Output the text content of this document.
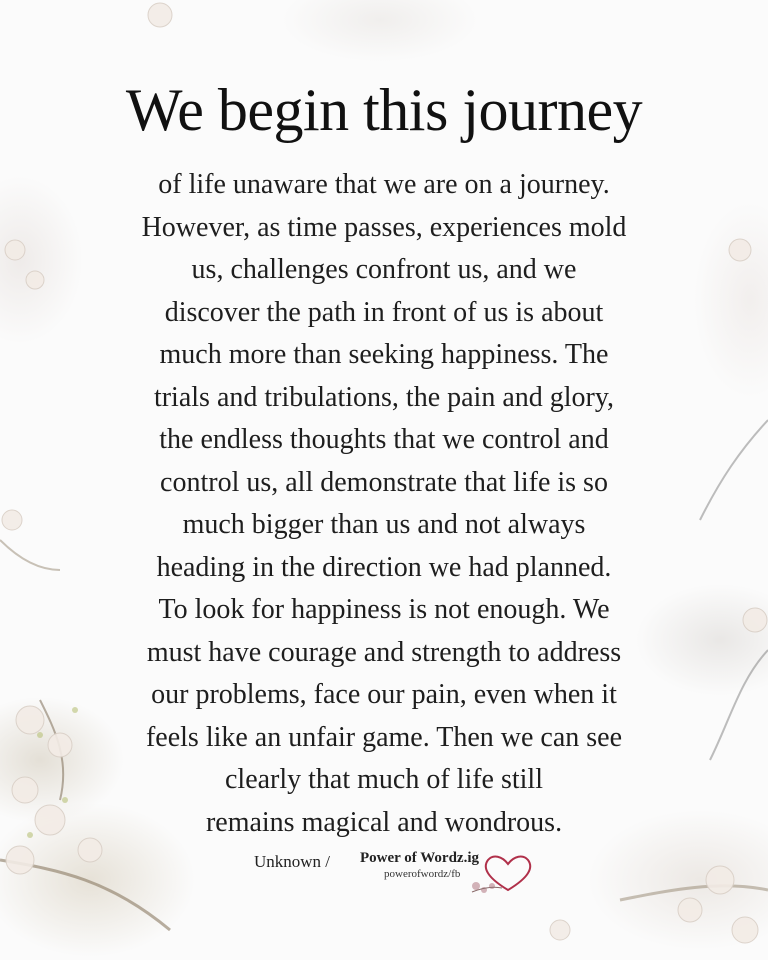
We begin this journey
of life unaware that we are on a journey.
However, as time passes, experiences mold
us, challenges confront us, and we
discover the path in front of us is about
much more than seeking happiness. The
trials and tribulations, the pain and glory,
the endless thoughts that we control and
control us, all demonstrate that life is so
much bigger than us and not always
heading in the direction we had planned.
To look for happiness is not enough. We
must have courage and strength to address
our problems, face our pain, even when it
feels like an unfair game. Then we can see
clearly that much of life still
remains magical and wondrous.
Unknown / Power of Wordz.ig
powerofwordz/fb
